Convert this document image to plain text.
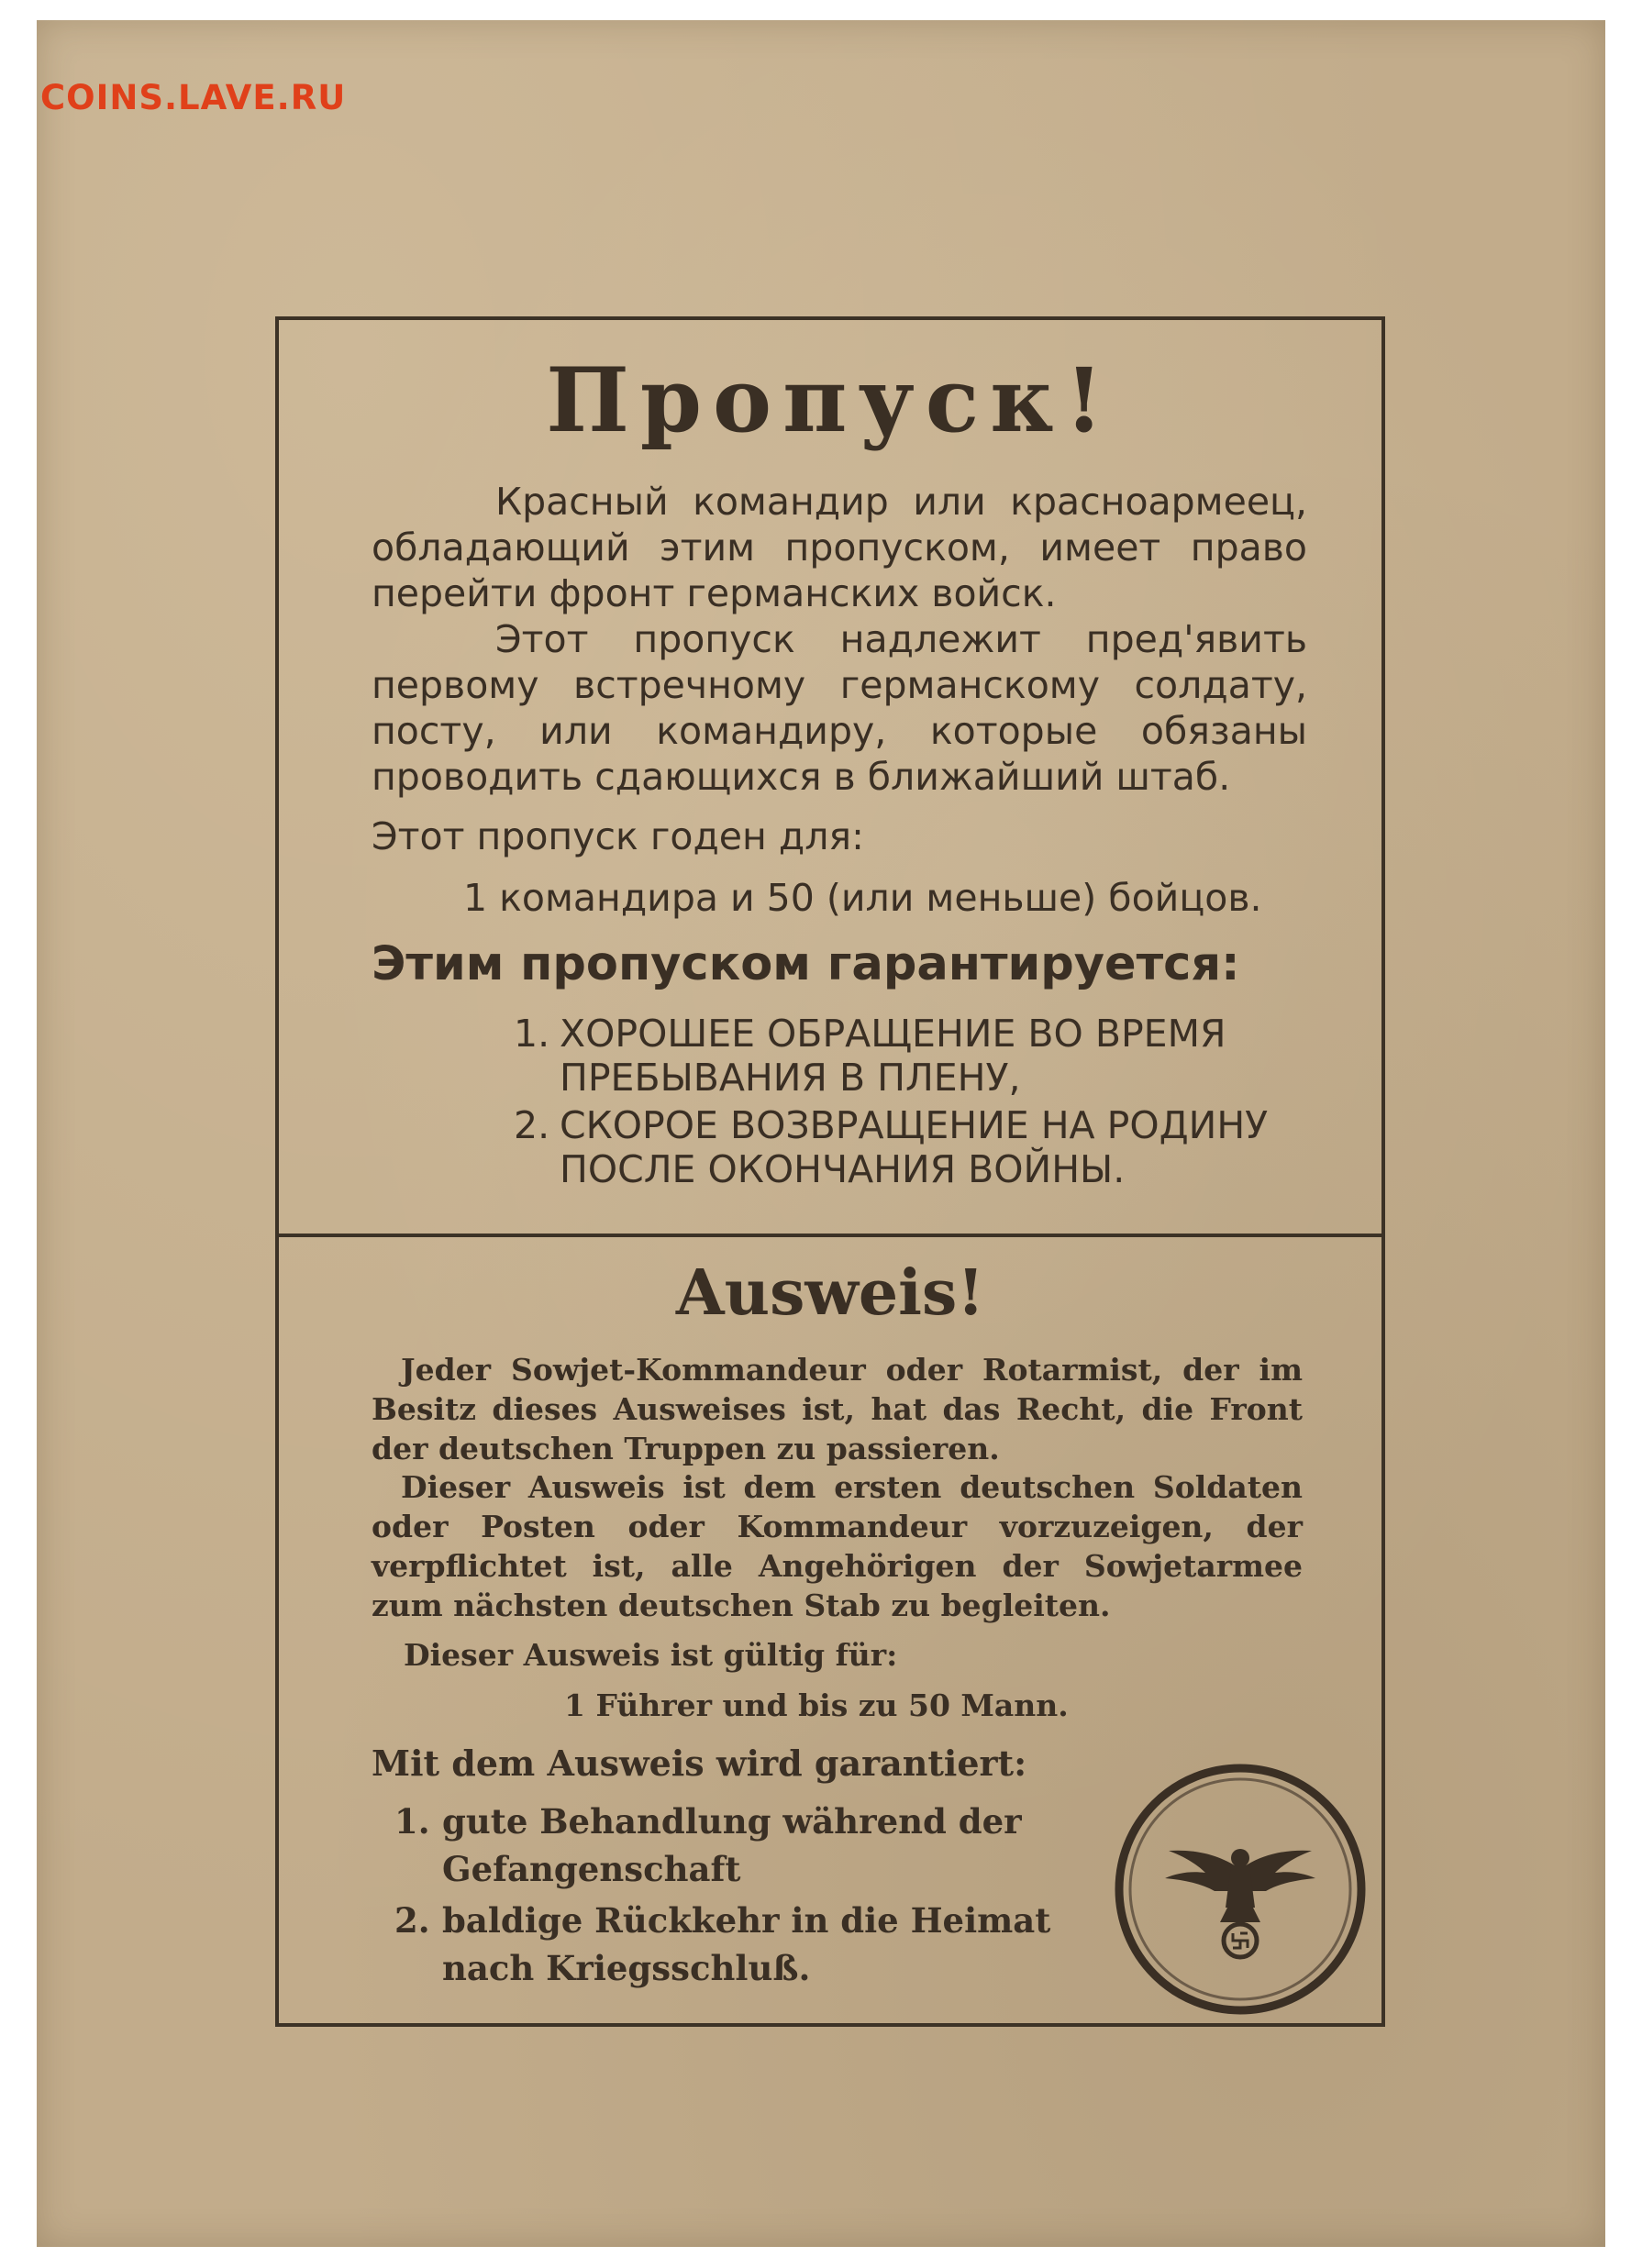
COINS.LAVE.RU
Пропуск!
Красный командир или красноармеец, обладающий этим пропуском, имеет право перейти фронт германских войск.
Этот пропуск надлежит пред'явить первому встречному германскому солдату, посту, или командиру, которые обязаны проводить сдающихся в ближайший штаб.
Этот пропуск годен для:
1 командира и 50 (или меньше) бойцов.
Этим пропуском гарантируется:
1. ХОРОШЕЕ ОБРАЩЕНИЕ ВО ВРЕМЯ ПРЕБЫВАНИЯ В ПЛЕНУ,
2. СКОРОЕ ВОЗВРАЩЕНИЕ НА РОДИНУ ПОСЛЕ ОКОНЧАНИЯ ВОЙНЫ.
Ausweis!
Jeder Sowjet-Kommandeur oder Rotarmist, der im Besitz dieses Ausweises ist, hat das Recht, die Front der deutschen Truppen zu passieren.
Dieser Ausweis ist dem ersten deutschen Soldaten oder Posten oder Kommandeur vorzuzeigen, der verpflichtet ist, alle Angehörigen der Sowjetarmee zum nächsten deutschen Stab zu begleiten.
Dieser Ausweis ist gültig für:
1 Führer und bis zu 50 Mann.
Mit dem Ausweis wird garantiert:
1. gute Behandlung während der Gefangenschaft
2. baldige Rückkehr in die Heimat nach Kriegsschluß.
